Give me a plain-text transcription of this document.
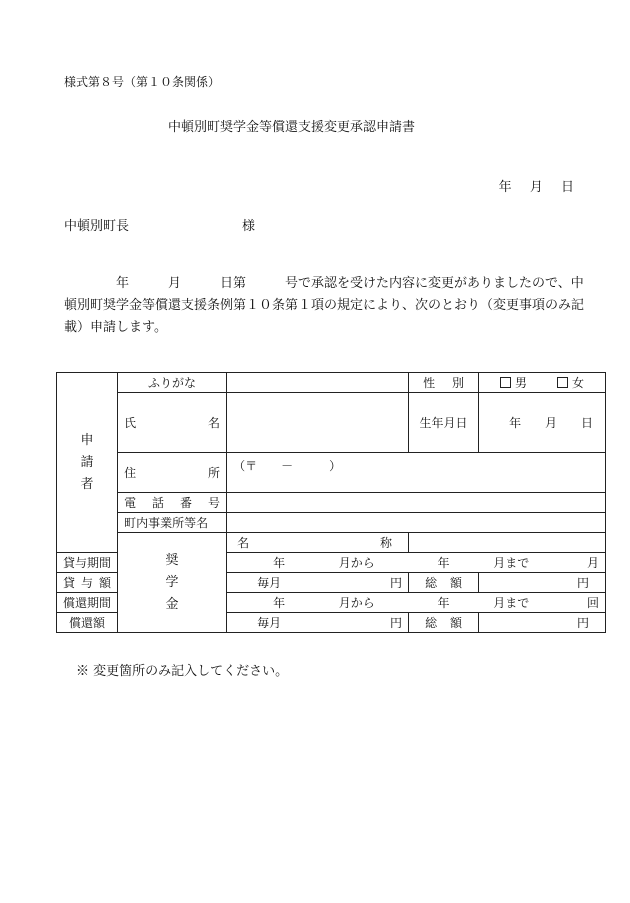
様式第８号（第１０条関係）
中頓別町奨学金等償還支援変更承認申請書
年 月 日
中頓別町長	様

年　　　月　　　日第　　　号で承認を受けた内容に変更がありましたので、中

頓別町奨学金等償還支援条例第１０条第１項の規定により、次のとおり（変更事項のみ記

載）申請します。

申
請
者	ふりがな		性 別	男 女

	氏 名		生年月日	年 月 日

	住 所	（〒　　－　　　）		

	電 話 番 号			

	町内事業所等名			
	奨
学
金	名 称		

貸 与 期 間		年 月から 年 月まで 月		

貸 与 額		毎月 円	総 額	円

償 還 期 間		年 月から 年 月まで 回		

償 還 額		毎月 円	総 額	円
※ 変更箇所のみ記入してください。
